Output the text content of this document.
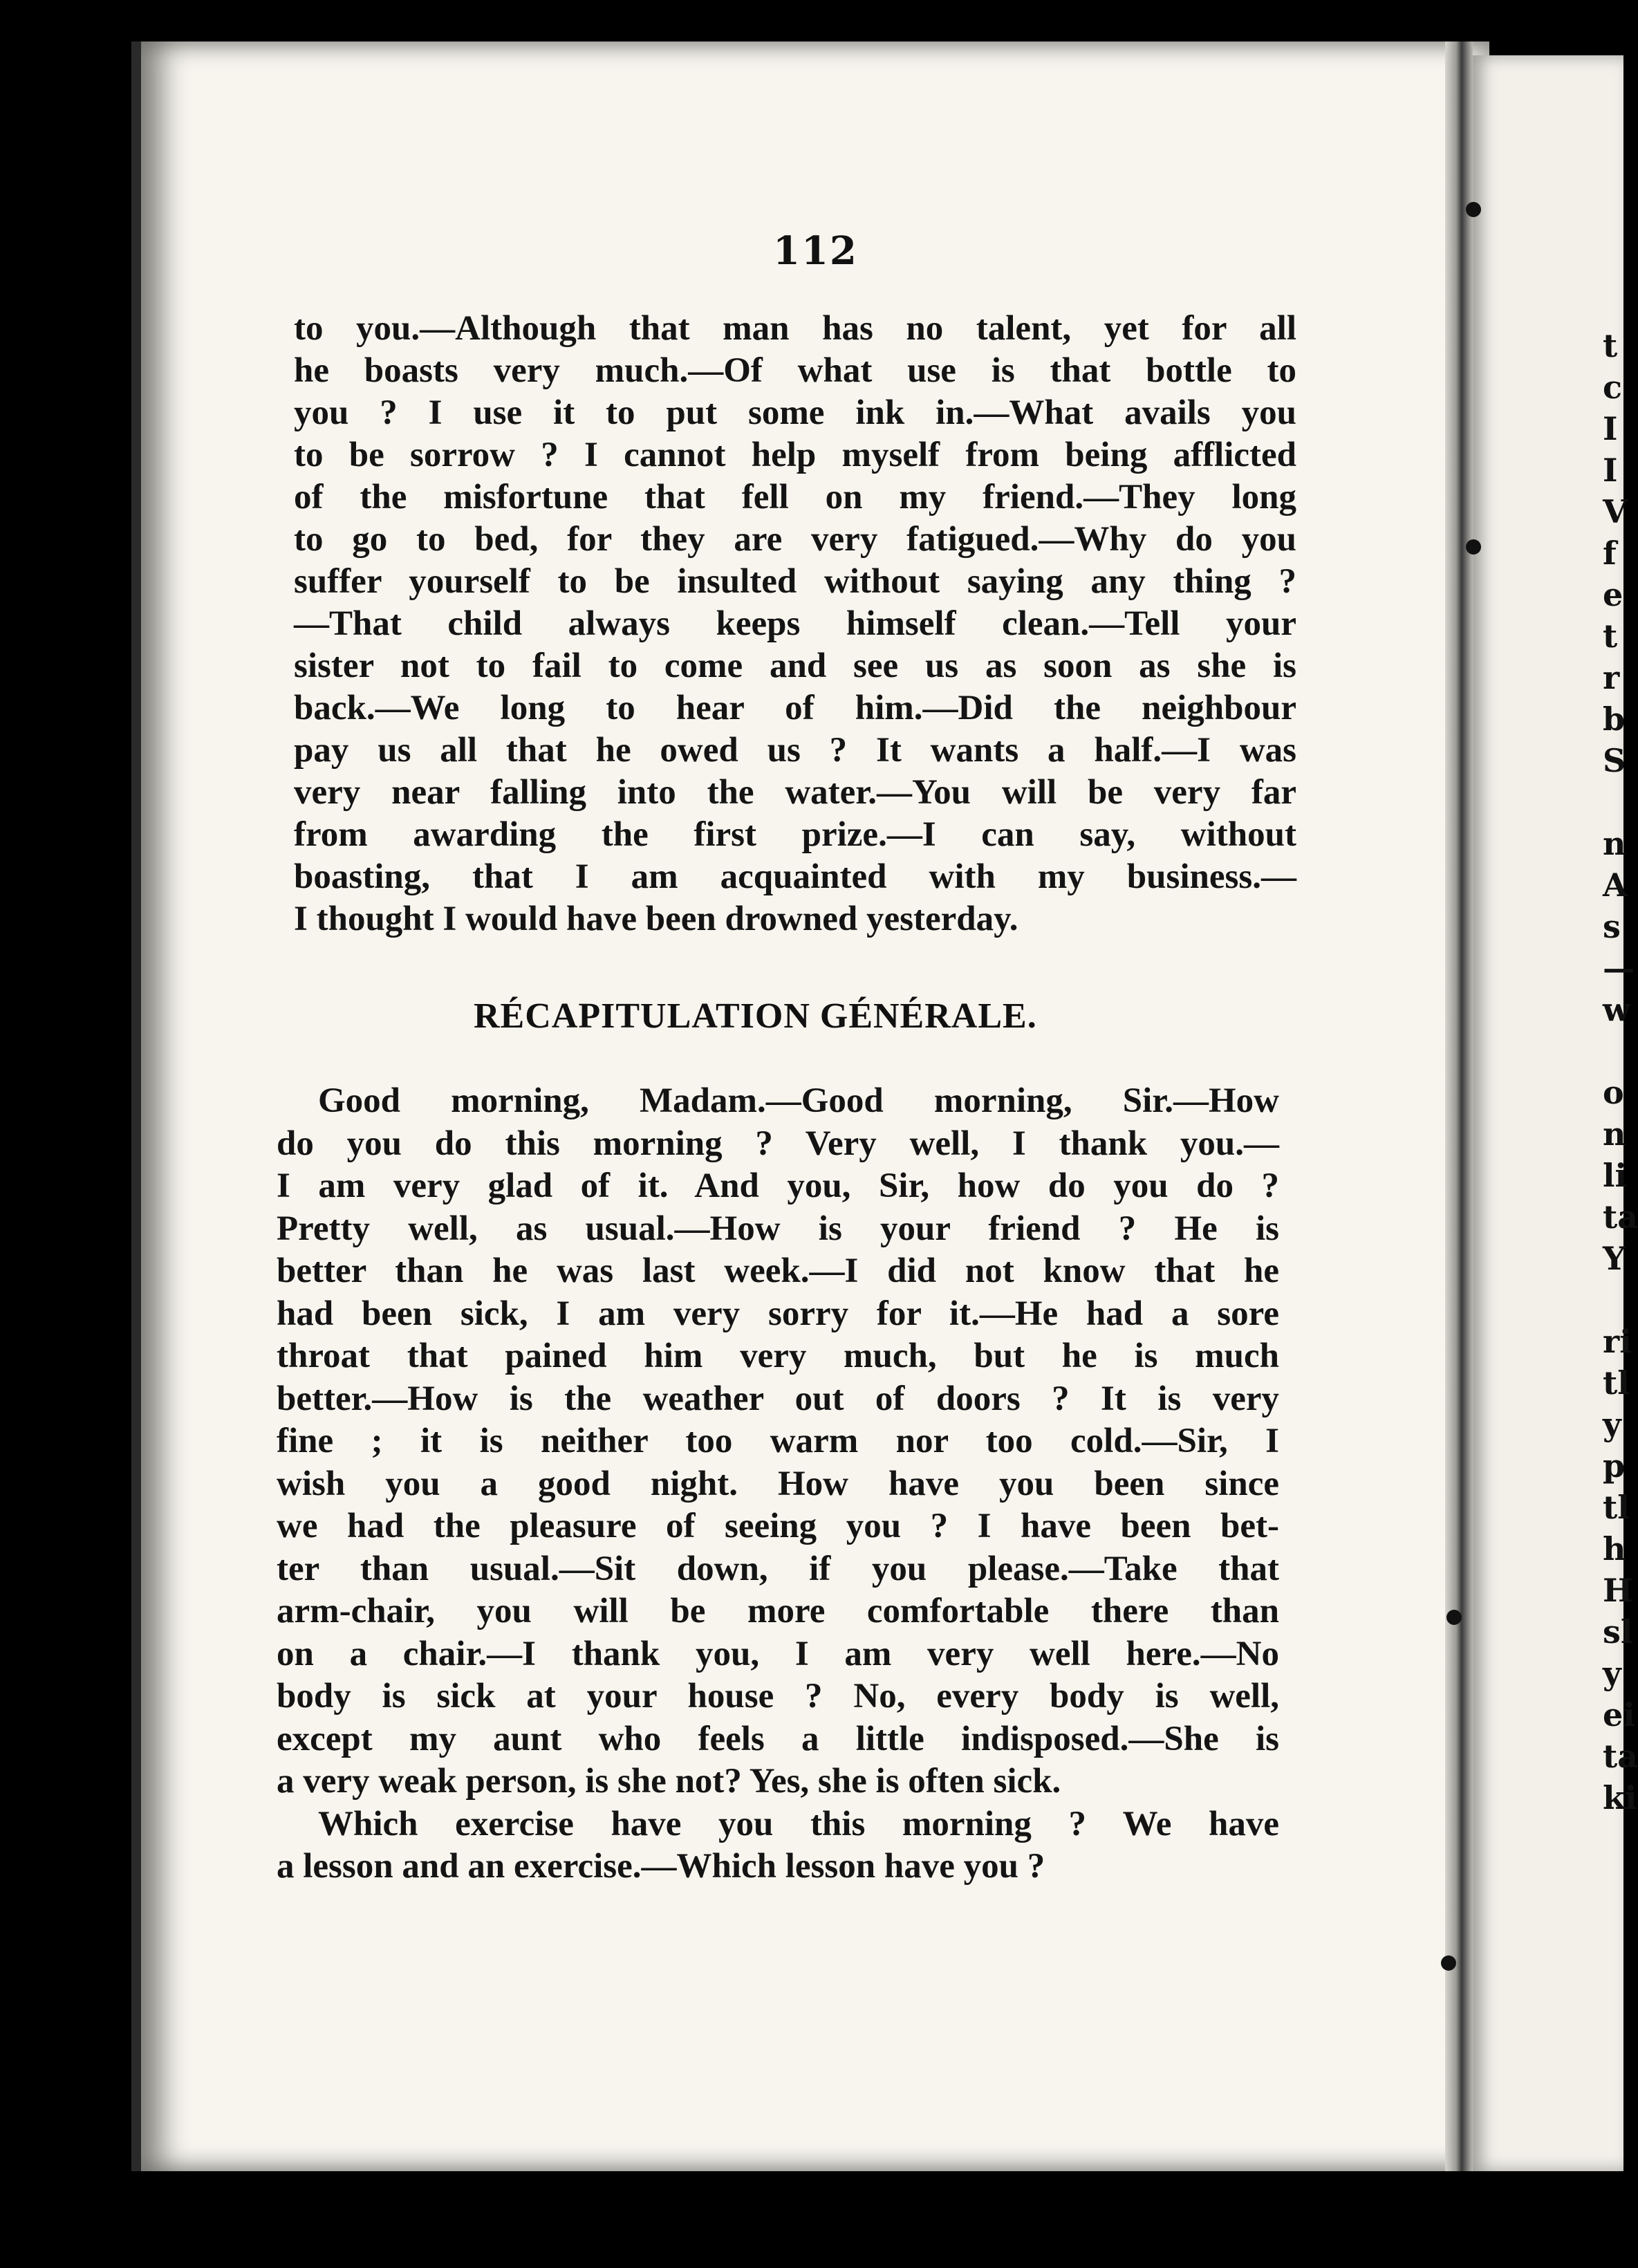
t
c
I
I
V
f
e
t
r
b
S
n
A
s
—
w
o
n
li
ta
Y
ri
tl
y
p
tl
h
H
sl
y
ei
ta
ki
112
to you.—Although that man has no talent, yet for all
he boasts very much.—Of what use is that bottle to
you ? I use it to put some ink in.—What avails you
to be sorrow ? I cannot help myself from being afflicted
of the misfortune that fell on my friend.—They long
to go to bed, for they are very fatigued.—Why do you
suffer yourself to be insulted without saying any thing ?
—That child always keeps himself clean.—Tell your
sister not to fail to come and see us as soon as she is
back.—We long to hear of him.—Did the neighbour
pay us all that he owed us ? It wants a half.—I was
very near falling into the water.—You will be very far
from awarding the first prize.—I can say, without
boasting, that I am acquainted with my business.—
I thought I would have been drowned yesterday.
RÉCAPITULATION GÉNÉRALE.
Good morning, Madam.—Good morning, Sir.—How
do you do this morning ? Very well, I thank you.—
I am very glad of it. And you, Sir, how do you do ?
Pretty well, as usual.—How is your friend ? He is
better than he was last week.—I did not know that he
had been sick, I am very sorry for it.—He had a sore
throat that pained him very much, but he is much
better.—How is the weather out of doors ? It is very
fine ; it is neither too warm nor too cold.—Sir, I
wish you a good night. How have you been since
we had the pleasure of seeing you ? I have been bet-
ter than usual.—Sit down, if you please.—Take that
arm-chair, you will be more comfortable there than
on a chair.—I thank you, I am very well here.—No
body is sick at your house ? No, every body is well,
except my aunt who feels a little indisposed.—She is
a very weak person, is she not? Yes, she is often sick.
Which exercise have you this morning ? We have
a lesson and an exercise.—Which lesson have you ?
